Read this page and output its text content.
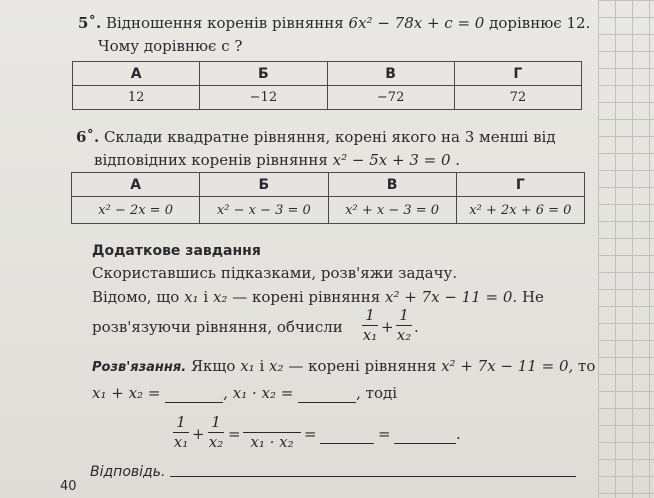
5˚. Відношення коренів рівняння 6x² − 78x + c = 0 дорівнює 12.
Чому дорівнює c ?
А	Б	В	Г
12	−12	−72	72
6˚. Склади квадратне рівняння, корені якого на 3 менші від
відповідних коренів рівняння x² − 5x + 3 = 0 .
А	Б	В	Г
x² − 2x = 0	x² − x − 3 = 0	x² + x − 3 = 0	x² + 2x + 6 = 0
Додаткове завдання
Скориставшись підказками, розв'яжи задачу.
Відомо, що x₁ і x₂ — корені рівняння x² + 7x − 11 = 0. Не
розв'язуючи рівняння, обчисли
1
x₁ +
1
x₂ .
Розв'язання. Якщо x₁ і x₂ — корені рівняння x² + 7x − 11 = 0, то
x₁ + x₂ =	, x₁ · x₂ =	, тоді
1
x₁ +
1
x₂ =
x₁ · x₂ =
	=	.
Відповідь.
40
